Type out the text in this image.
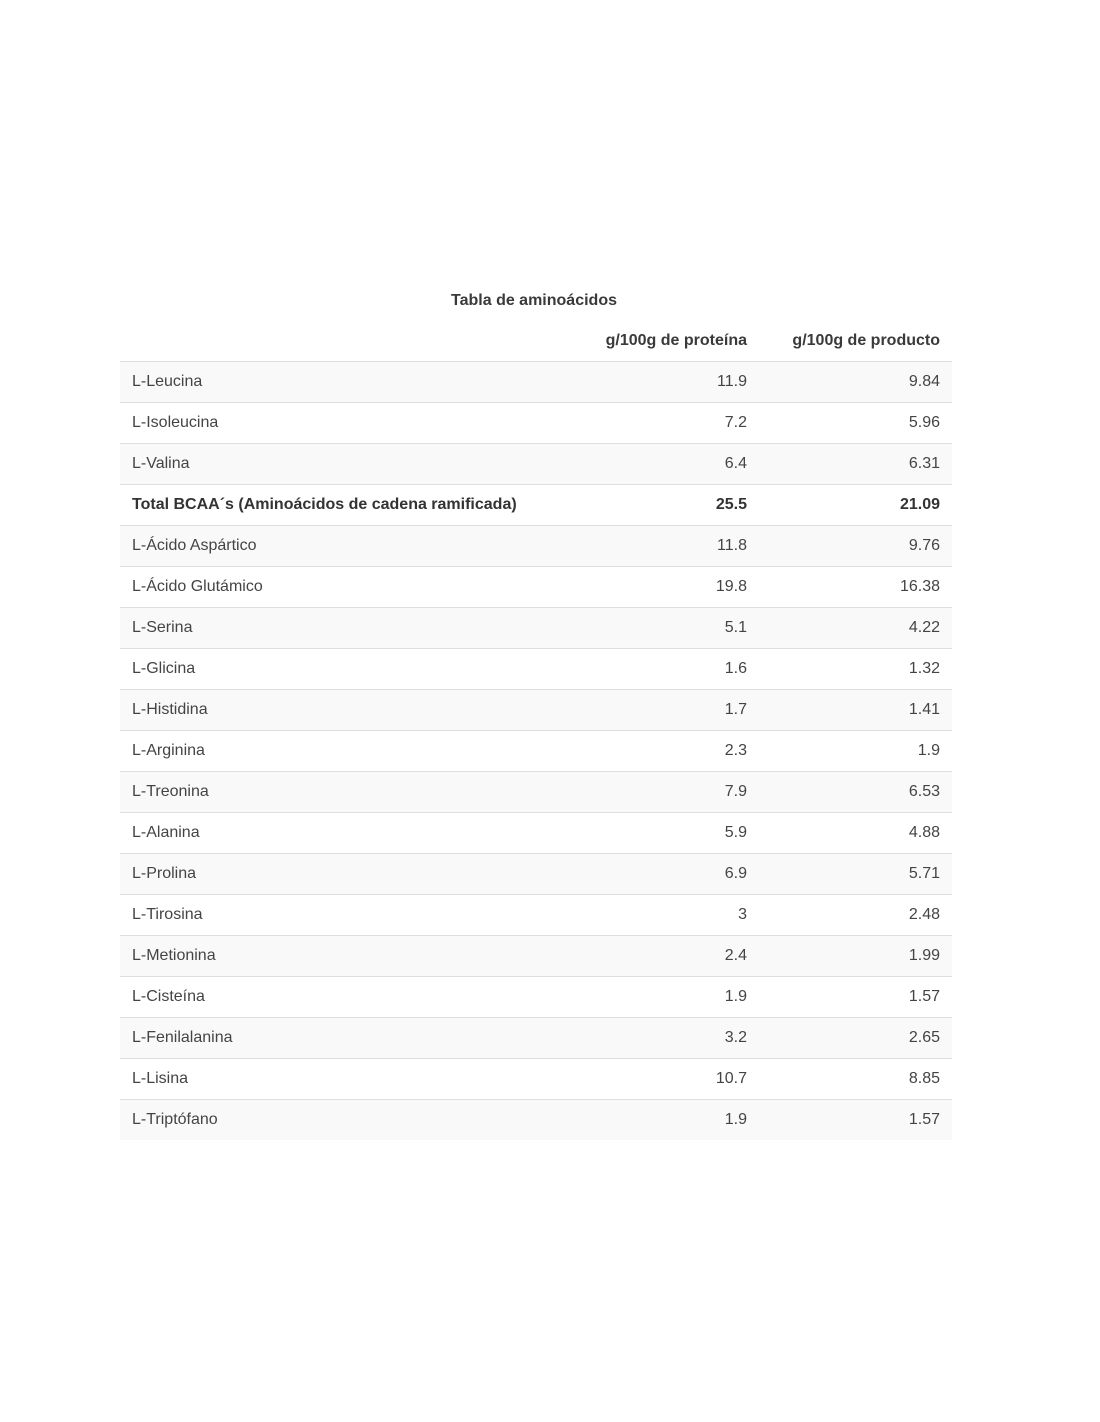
Tabla de aminoácidos
	g/100g de proteína	g/100g de producto
L-Leucina	11.9	9.84
L-Isoleucina	7.2	5.96
L-Valina	6.4	6.31
Total BCAA´s (Aminoácidos de cadena ramificada)	25.5	21.09
L-Ácido Aspártico	11.8	9.76
L-Ácido Glutámico	19.8	16.38
L-Serina	5.1	4.22
L-Glicina	1.6	1.32
L-Histidina	1.7	1.41
L-Arginina	2.3	1.9
L-Treonina	7.9	6.53
L-Alanina	5.9	4.88
L-Prolina	6.9	5.71
L-Tirosina	3	2.48
L-Metionina	2.4	1.99
L-Cisteína	1.9	1.57
L-Fenilalanina	3.2	2.65
L-Lisina	10.7	8.85
L-Triptófano	1.9	1.57
